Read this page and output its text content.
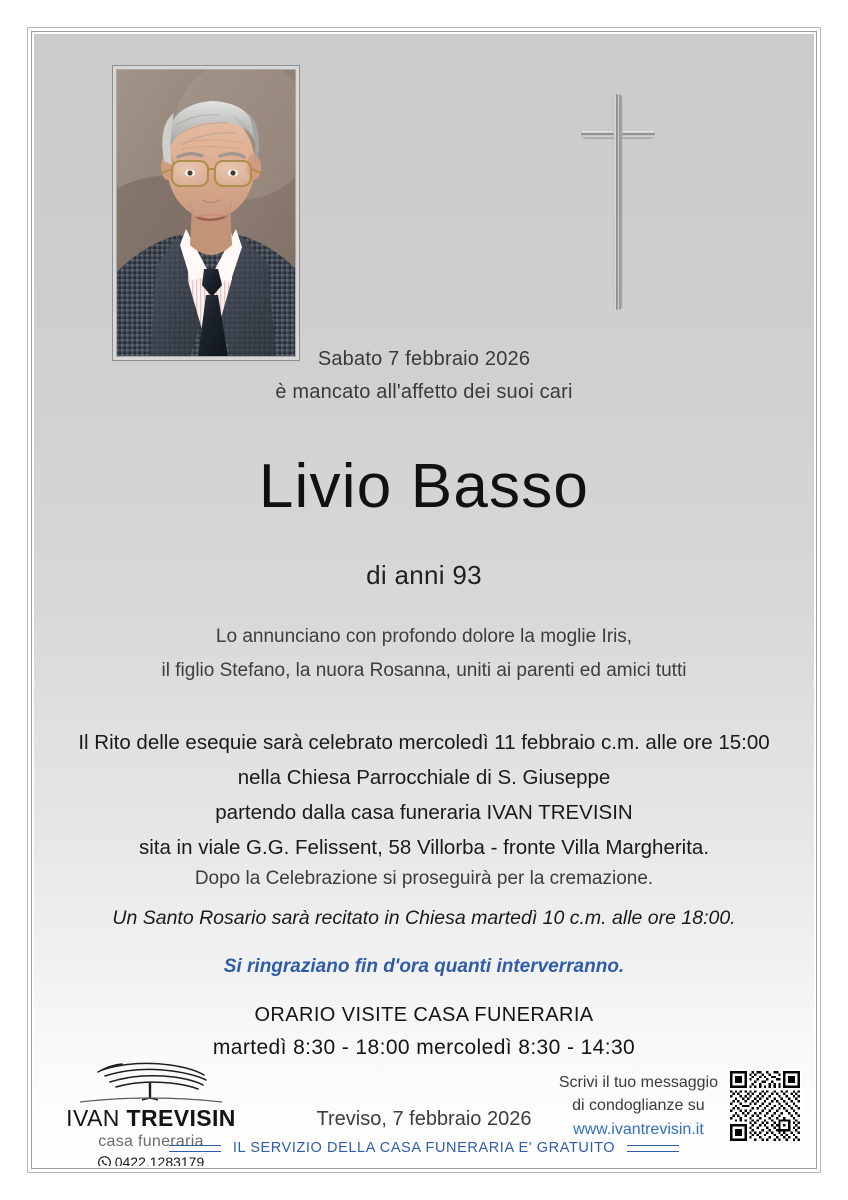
Sabato 7 febbraio 2026
è mancato all'affetto dei suoi cari
Livio Basso
di anni 93
Lo annunciano con profondo dolore la moglie Iris,
il figlio Stefano, la nuora Rosanna, uniti ai parenti ed amici tutti
Il Rito delle esequie sarà celebrato mercoledì 11 febbraio c.m. alle ore 15:00
nella Chiesa Parrocchiale di S. Giuseppe
partendo dalla casa funeraria IVAN TREVISIN
sita in viale G.G. Felissent, 58 Villorba - fronte Villa Margherita.
Dopo la Celebrazione si proseguirà per la cremazione.
Un Santo Rosario sarà recitato in Chiesa martedì 10 c.m. alle ore 18:00.
Si ringraziano fin d'ora quanti interverranno.
ORARIO VISITE CASA FUNERARIA
martedì 8:30 - 18:00 mercoledì 8:30 - 14:30
Treviso, 7 febbraio 2026
IVAN TREVISIN
casa funeraria
0422.1283179
Scrivi il tuo messaggio
di condoglianze su
www.ivantrevisin.it
IL SERVIZIO DELLA CASA FUNERARIA E' GRATUITO
